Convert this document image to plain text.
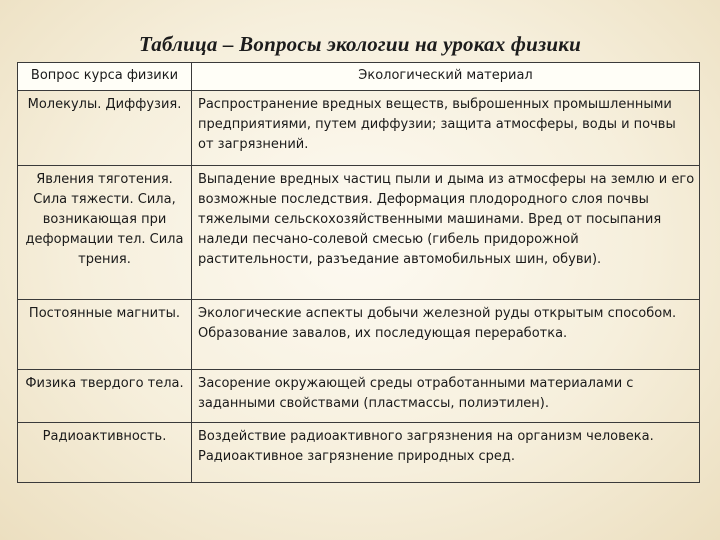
Таблица – Вопросы экологии на уроках физики
Вопрос курса физики	Экологический материал
Молекулы. Диффузия.	Распространение вредных веществ, выброшенных промышленными предприятиями, путем диффузии; защита атмосферы, воды и почвы от загрязнений.
Явления тяготения. Сила тяжести. Сила, возникающая при деформации тел. Сила трения.	Выпадение вредных частиц пыли и дыма из атмосферы на землю и его возможные последствия. Деформация плодородного слоя почвы тяжелыми сельскохозяйственными машинами. Вред от посыпания наледи песчано-солевой смесью (гибель придорожной растительности, разъедание автомобильных шин, обуви).
Постоянные магниты.	Экологические аспекты добычи железной руды открытым способом. Образование завалов, их последующая переработка.
Физика твердого тела.	Засорение окружающей среды отработанными материалами с заданными свойствами (пластмассы, полиэтилен).
Радиоактивность.	Воздействие радиоактивного загрязнения на организм человека. Радиоактивное загрязнение природных сред.
